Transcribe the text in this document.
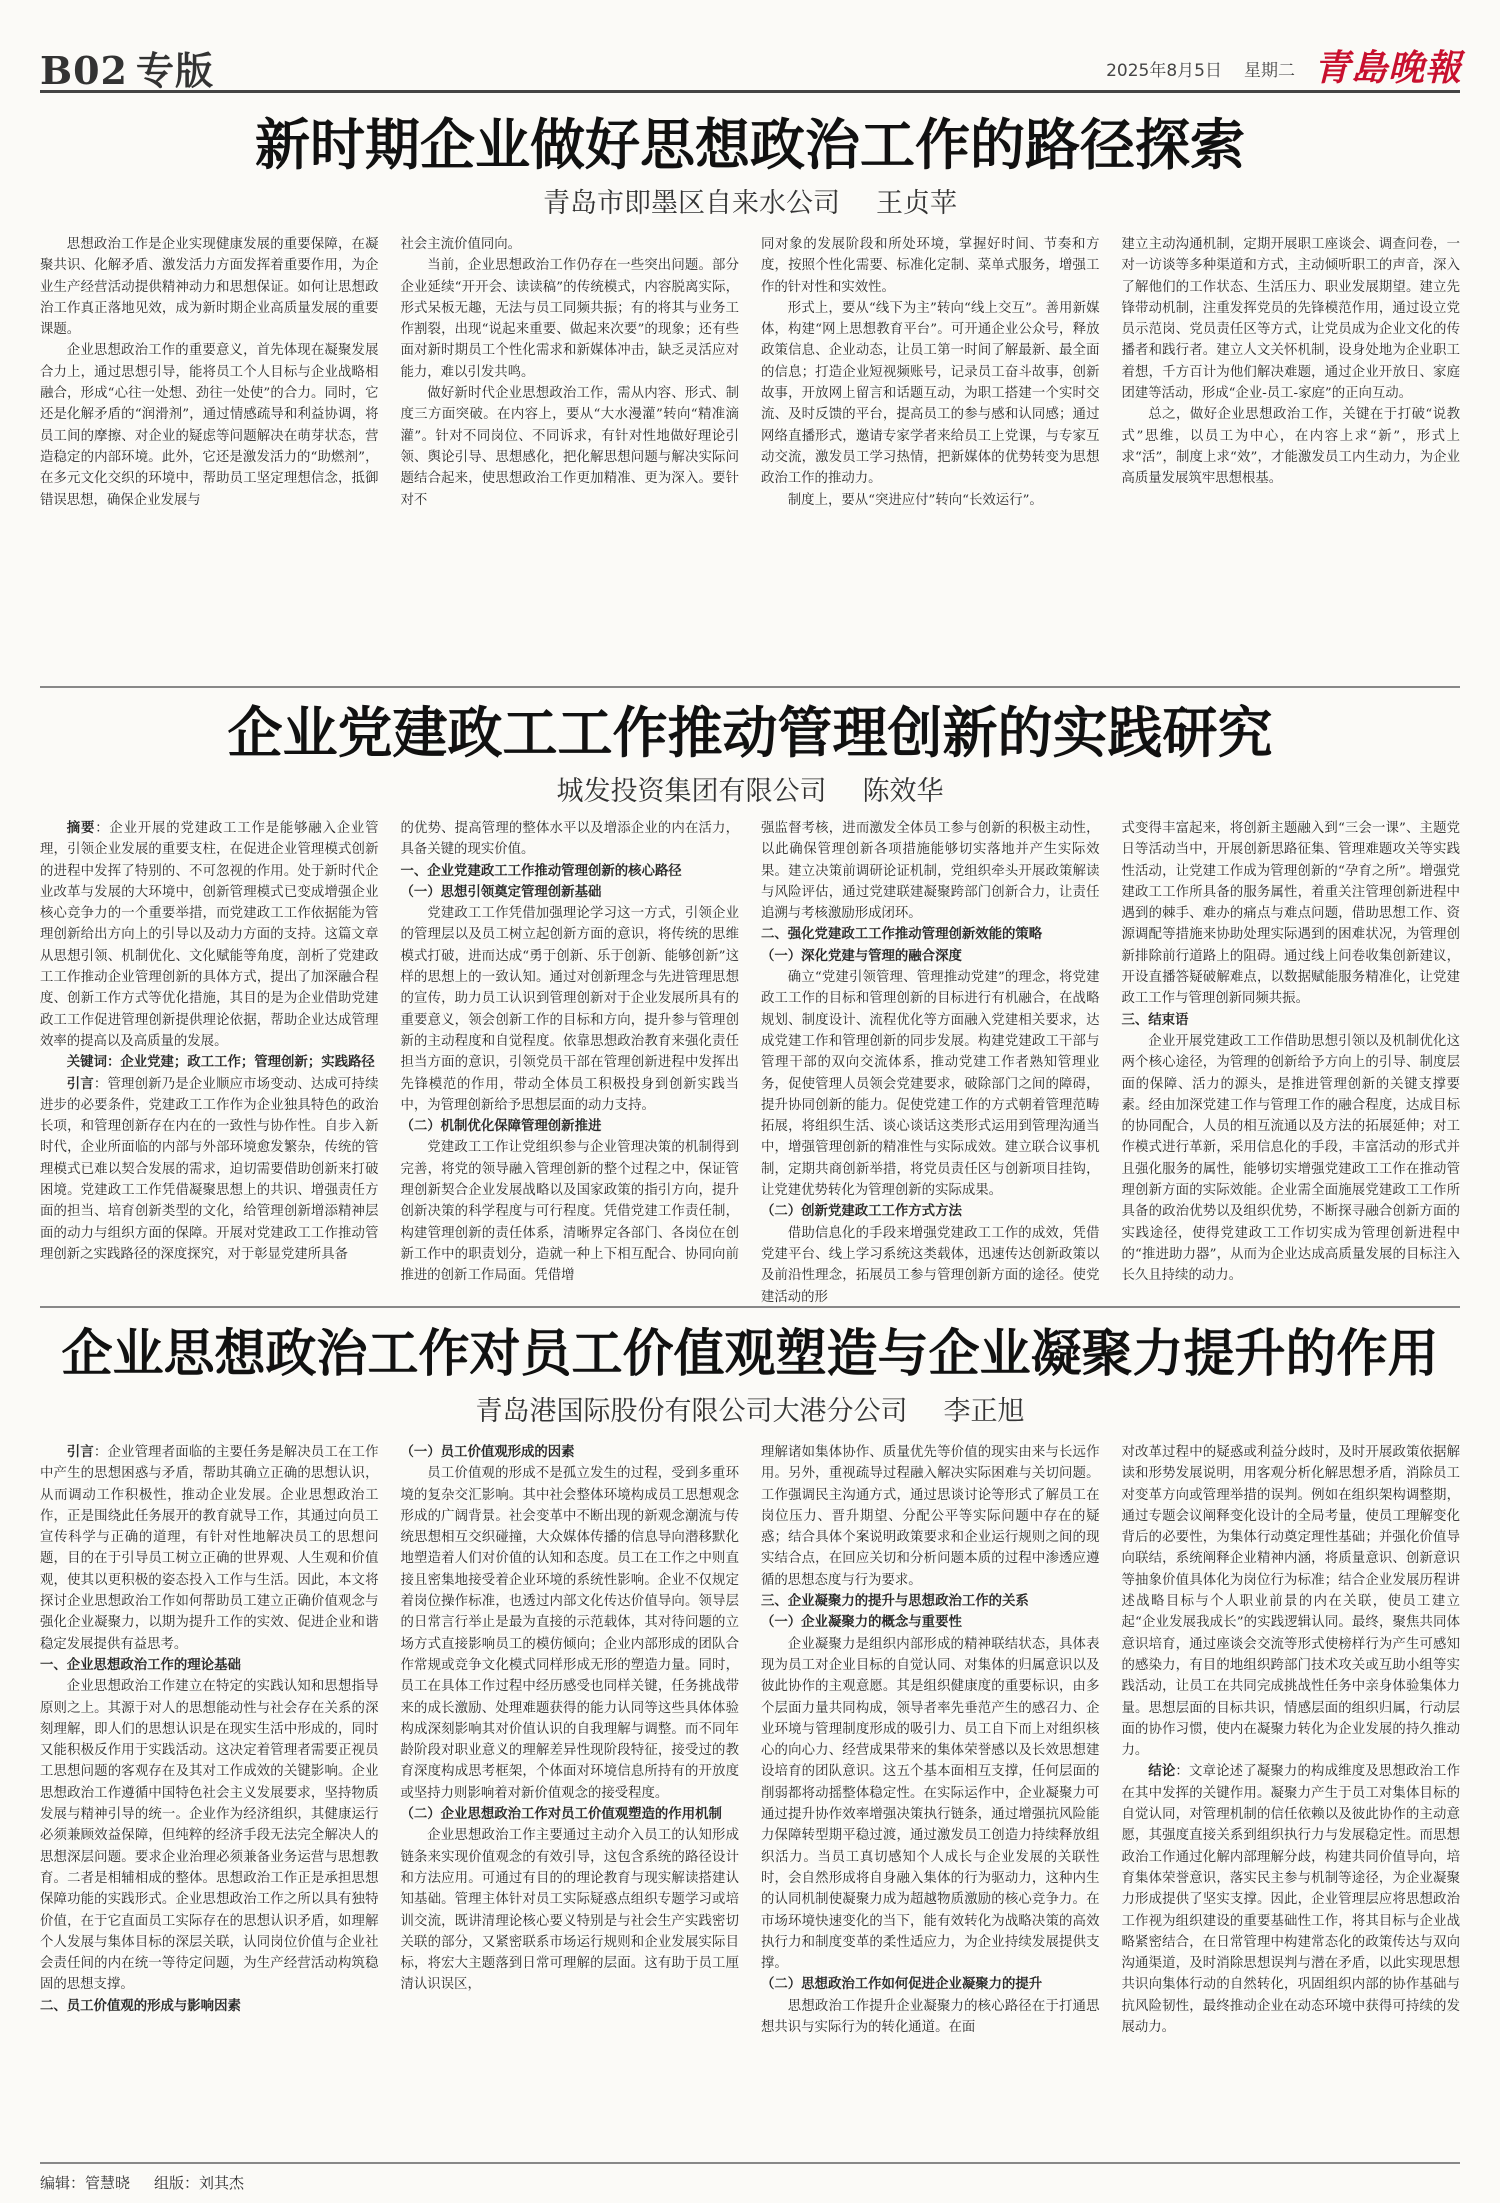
B02 专版	2025年8月5日 星期二 青島晚報
新时期企业做好思想政治工作的路径探索

青岛市即墨区自来水公司 王贞苹

思想政治工作是企业实现健康发展的重要保障，在凝聚共识、化解矛盾、激发活力方面发挥着重要作用，为企业生产经营活动提供精神动力和思想保证。如何让思想政治工作真正落地见效，成为新时期企业高质量发展的重要课题。

企业思想政治工作的重要意义，首先体现在凝聚发展合力上，通过思想引导，能将员工个人目标与企业战略相融合，形成“心往一处想、劲往一处使”的合力。同时，它还是化解矛盾的“润滑剂”，通过情感疏导和利益协调，将员工间的摩擦、对企业的疑虑等问题解决在萌芽状态，营造稳定的内部环境。此外，它还是激发活力的“助燃剂”，在多元文化交织的环境中，帮助员工坚定理想信念，抵御错误思想，确保企业发展与

社会主流价值同向。

当前，企业思想政治工作仍存在一些突出问题。部分企业延续“开开会、读读稿”的传统模式，内容脱离实际，形式呆板无趣，无法与员工同频共振；有的将其与业务工作割裂，出现“说起来重要、做起来次要”的现象；还有些面对新时期员工个性化需求和新媒体冲击，缺乏灵活应对能力，难以引发共鸣。

做好新时代企业思想政治工作，需从内容、形式、制度三方面突破。在内容上，要从“大水漫灌”转向“精准滴灌”。针对不同岗位、不同诉求，有针对性地做好理论引领、舆论引导、思想感化，把化解思想问题与解决实际问题结合起来，使思想政治工作更加精准、更为深入。要针对不

同对象的发展阶段和所处环境，掌握好时间、节奏和方度，按照个性化需要、标准化定制、菜单式服务，增强工作的针对性和实效性。

形式上，要从“线下为主”转向“线上交互”。善用新媒体，构建“网上思想教育平台”。可开通企业公众号，释放政策信息、企业动态，让员工第一时间了解最新、最全面的信息；打造企业短视频账号，记录员工奋斗故事，创新故事，开放网上留言和话题互动，为职工搭建一个实时交流、及时反馈的平台，提高员工的参与感和认同感；通过网络直播形式，邀请专家学者来给员工上党课，与专家互动交流，激发员工学习热情，把新媒体的优势转变为思想政治工作的推动力。

制度上，要从“突进应付”转向“长效运行”。

建立主动沟通机制，定期开展职工座谈会、调查问卷，一对一访谈等多种渠道和方式，主动倾听职工的声音，深入了解他们的工作状态、生活压力、职业发展期望。建立先锋带动机制，注重发挥党员的先锋模范作用，通过设立党员示范岗、党员责任区等方式，让党员成为企业文化的传播者和践行者。建立人文关怀机制，设身处地为企业职工着想，千方百计为他们解决难题，通过企业开放日、家庭团建等活动，形成“企业-员工-家庭”的正向互动。

总之，做好企业思想政治工作，关键在于打破“说教式”思维，以员工为中心，在内容上求“新”，形式上求“活”，制度上求“效”，才能激发员工内生动力，为企业高质量发展筑牢思想根基。

企业党建政工工作推动管理创新的实践研究

城发投资集团有限公司 陈效华

摘要：企业开展的党建政工工作是能够融入企业管理，引领企业发展的重要支柱，在促进企业管理模式创新的进程中发挥了特别的、不可忽视的作用。处于新时代企业改革与发展的大环境中，创新管理模式已变成增强企业核心竞争力的一个重要举措，而党建政工工作依据能为管理创新给出方向上的引导以及动力方面的支持。这篇文章从思想引领、机制优化、文化赋能等角度，剖析了党建政工工作推动企业管理创新的具体方式，提出了加深融合程度、创新工作方式等优化措施，其目的是为企业借助党建政工工作促进管理创新提供理论依据，帮助企业达成管理效率的提高以及高质量的发展。

关键词：企业党建；政工工作；管理创新；实践路径

引言：管理创新乃是企业顺应市场变动、达成可持续进步的必要条件，党建政工工作作为企业独具特色的政治长项，和管理创新存在内在的一致性与协作性。自步入新时代，企业所面临的内部与外部环境愈发繁杂，传统的管理模式已难以契合发展的需求，迫切需要借助创新来打破困境。党建政工工作凭借凝聚思想上的共识、增强责任方面的担当、培育创新类型的文化，给管理创新增添精神层面的动力与组织方面的保障。开展对党建政工工作推动管理创新之实践路径的深度探究，对于彰显党建所具备

的优势、提高管理的整体水平以及增添企业的内在活力，具备关键的现实价值。

一、企业党建政工工作推动管理创新的核心路径
（一）思想引领奠定管理创新基础

党建政工工作凭借加强理论学习这一方式，引领企业的管理层以及员工树立起创新方面的意识，将传统的思维模式打破，进而达成“勇于创新、乐于创新、能够创新”这样的思想上的一致认知。通过对创新理念与先进管理思想的宣传，助力员工认识到管理创新对于企业发展所具有的重要意义，领会创新工作的目标和方向，提升参与管理创新的主动程度和自觉程度。依靠思想政治教育来强化责任担当方面的意识，引领党员干部在管理创新进程中发挥出先锋模范的作用，带动全体员工积极投身到创新实践当中，为管理创新给予思想层面的动力支持。

（二）机制优化保障管理创新推进

党建政工工作让党组织参与企业管理决策的机制得到完善，将党的领导融入管理创新的整个过程之中，保证管理创新契合企业发展战略以及国家政策的指引方向，提升创新决策的科学程度与可行程度。凭借党建工作责任制，构建管理创新的责任体系，清晰界定各部门、各岗位在创新工作中的职责划分，造就一种上下相互配合、协同向前推进的创新工作局面。凭借增

强监督考核，进而激发全体员工参与创新的积极主动性，以此确保管理创新各项措施能够切实落地并产生实际效果。建立决策前调研论证机制，党组织牵头开展政策解读与风险评估，通过党建联建凝聚跨部门创新合力，让责任追溯与考核激励形成闭环。

二、强化党建政工工作推动管理创新效能的策略
（一）深化党建与管理的融合深度

确立“党建引领管理、管理推动党建”的理念，将党建政工工作的目标和管理创新的目标进行有机融合，在战略规划、制度设计、流程优化等方面融入党建相关要求，达成党建工作和管理创新的同步发展。构建党建政工干部与管理干部的双向交流体系，推动党建工作者熟知管理业务，促使管理人员领会党建要求，破除部门之间的障碍，提升协同创新的能力。促使党建工作的方式朝着管理范畴拓展，将组织生活、谈心谈话这类形式运用到管理沟通当中，增强管理创新的精准性与实际成效。建立联合议事机制，定期共商创新举措，将党员责任区与创新项目挂钩，让党建优势转化为管理创新的实际成果。

（二）创新党建政工工作方式方法

借助信息化的手段来增强党建政工工作的成效，凭借党建平台、线上学习系统这类载体，迅速传达创新政策以及前沿性理念，拓展员工参与管理创新方面的途径。使党建活动的形

式变得丰富起来，将创新主题融入到“三会一课”、主题党日等活动当中，开展创新思路征集、管理难题攻关等实践性活动，让党建工作成为管理创新的“孕育之所”。增强党建政工工作所具备的服务属性，着重关注管理创新进程中遇到的棘手、难办的痛点与难点问题，借助思想工作、资源调配等措施来协助处理实际遇到的困难状况，为管理创新排除前行道路上的阻碍。通过线上问卷收集创新建议，开设直播答疑破解难点，以数据赋能服务精准化，让党建政工工作与管理创新同频共振。

三、结束语

企业开展党建政工工作借助思想引领以及机制优化这两个核心途径，为管理的创新给予方向上的引导、制度层面的保障、活力的源头，是推进管理创新的关键支撑要素。经由加深党建工作与管理工作的融合程度，达成目标的协同配合，人员的相互流通以及方法的拓展延伸；对工作模式进行革新，采用信息化的手段，丰富活动的形式并且强化服务的属性，能够切实增强党建政工工作在推动管理创新方面的实际效能。企业需全面施展党建政工工作所具备的政治优势以及组织优势，不断探寻融合创新方面的实践途径，使得党建政工工作切实成为管理创新进程中的“推进助力器”，从而为企业达成高质量发展的目标注入长久且持续的动力。

企业思想政治工作对员工价值观塑造与企业凝聚力提升的作用

青岛港国际股份有限公司大港分公司 李正旭

引言：企业管理者面临的主要任务是解决员工在工作中产生的思想困惑与矛盾，帮助其确立正确的思想认识，从而调动工作积极性，推动企业发展。企业思想政治工作，正是围绕此任务展开的教育就导工作，其通过向员工宣传科学与正确的道理，有针对性地解决员工的思想问题，目的在于引导员工树立正确的世界观、人生观和价值观，使其以更积极的姿态投入工作与生活。因此，本文将探讨企业思想政治工作如何帮助员工建立正确价值观念与强化企业凝聚力，以期为提升工作的实效、促进企业和谐稳定发展提供有益思考。

一、企业思想政治工作的理论基础

企业思想政治工作建立在特定的实践认知和思想指导原则之上。其源于对人的思想能动性与社会存在关系的深刻理解，即人们的思想认识是在现实生活中形成的，同时又能积极反作用于实践活动。这决定着管理者需要正视员工思想问题的客观存在及其对工作成效的关键影响。企业思想政治工作遵循中国特色社会主义发展要求，坚持物质发展与精神引导的统一。企业作为经济组织，其健康运行必须兼顾效益保障，但纯粹的经济手段无法完全解决人的思想深层问题。要求企业治理必须兼备业务运营与思想教育。二者是相辅相成的整体。思想政治工作正是承担思想保障功能的实践形式。企业思想政治工作之所以具有独特价值，在于它直面员工实际存在的思想认识矛盾，如理解个人发展与集体目标的深层关联，认同岗位价值与企业社会责任间的内在统一等待定问题，为生产经营活动构筑稳固的思想支撑。

二、员工价值观的形成与影响因素
（一）员工价值观形成的因素

员工价值观的形成不是孤立发生的过程，受到多重环境的复杂交汇影响。其中社会整体环境构成员工思想观念形成的广阔背景。社会变革中不断出现的新观念潮流与传统思想相互交织碰撞，大众媒体传播的信息导向潜移默化地塑造着人们对价值的认知和态度。员工在工作之中则直接且密集地接受着企业环境的系统性影响。企业不仅规定着岗位操作标准，也透过内部文化传达价值导向。领导层的日常言行举止是最为直接的示范载体，其对待问题的立场方式直接影响员工的模仿倾向；企业内部形成的团队合作常规或竞争文化模式同样形成无形的塑造力量。同时，员工在具体工作过程中经历感受也同样关键，任务挑战带来的成长激励、处理难题获得的能力认同等这些具体体验构成深刻影响其对价值认识的自我理解与调整。而不同年龄阶段对职业意义的理解差异性现阶段特征，接受过的教育深度构成思考框架，个体面对环境信息所持有的开放度或坚持力则影响着对新价值观念的接受程度。

（二）企业思想政治工作对员工价值观塑造的作用机制

企业思想政治工作主要通过主动介入员工的认知形成链条来实现价值观念的有效引导，这包含系统的路径设计和方法应用。可通过有目的的理论教育与现实解读搭建认知基础。管理主体针对员工实际疑惑点组织专题学习或培训交流，既讲清理论核心要义特别是与社会生产实践密切关联的部分，又紧密联系市场运行规则和企业发展实际目标，将宏大主题落到日常可理解的层面。这有助于员工厘清认识误区，

理解诸如集体协作、质量优先等价值的现实由来与长远作用。另外，重视疏导过程融入解决实际困难与关切问题。工作强调民主沟通方式，通过思谈讨论等形式了解员工在岗位压力、晋升期望、分配公平等实际问题中存在的疑惑；结合具体个案说明政策要求和企业运行规则之间的现实结合点，在回应关切和分析问题本质的过程中渗透应遵循的思想态度与行为要求。

三、企业凝聚力的提升与思想政治工作的关系
（一）企业凝聚力的概念与重要性

企业凝聚力是组织内部形成的精神联结状态，具体表现为员工对企业目标的自觉认同、对集体的归属意识以及彼此协作的主观意愿。其是组织健康度的重要标识，由多个层面力量共同构成，领导者率先垂范产生的感召力、企业环境与管理制度形成的吸引力、员工自下而上对组织核心的向心力、经营成果带来的集体荣誉感以及长效思想建设培育的团队意识。这五个基本面相互支撑，任何层面的削弱都将动摇整体稳定性。在实际运作中，企业凝聚力可通过提升协作效率增强决策执行链条，通过增强抗风险能力保障转型期平稳过渡，通过激发员工创造力持续释放组织活力。当员工真切感知个人成长与企业发展的关联性时，会自然形成将自身融入集体的行为驱动力，这种内生的认同机制使凝聚力成为超越物质激励的核心竞争力。在市场环境快速变化的当下，能有效转化为战略决策的高效执行力和制度变革的柔性适应力，为企业持续发展提供支撑。

（二）思想政治工作如何促进企业凝聚力的提升

思想政治工作提升企业凝聚力的核心路径在于打通思想共识与实际行为的转化通道。在面

对改革过程中的疑惑或利益分歧时，及时开展政策依据解读和形势发展说明，用客观分析化解思想矛盾，消除员工对变革方向或管理举措的误判。例如在组织架构调整期，通过专题会议阐释变化设计的全局考量，使员工理解变化背后的必要性，为集体行动奠定理性基础；并强化价值导向联结，系统阐释企业精神内涵，将质量意识、创新意识等抽象价值具体化为岗位行为标准；结合企业发展历程讲述战略目标与个人职业前景的内在关联，使员工建立起“企业发展我成长”的实践逻辑认同。最终，聚焦共同体意识培育，通过座谈会交流等形式使榜样行为产生可感知的感染力，有目的地组织跨部门技术攻关或互助小组等实践活动，让员工在共同完成挑战性任务中亲身体验集体力量。思想层面的目标共识，情感层面的组织归属，行动层面的协作习惯，使内在凝聚力转化为企业发展的持久推动力。

结论：文章论述了凝聚力的构成维度及思想政治工作在其中发挥的关键作用。凝聚力产生于员工对集体目标的自觉认同，对管理机制的信任依赖以及彼此协作的主动意愿，其强度直接关系到组织执行力与发展稳定性。而思想政治工作通过化解内部理解分歧，构建共同价值导向，培育集体荣誉意识，落实民主参与机制等途径，为企业凝聚力形成提供了坚实支撑。因此，企业管理层应将思想政治工作视为组织建设的重要基础性工作，将其目标与企业战略紧密结合，在日常管理中构建常态化的政策传达与双向沟通渠道，及时消除思想误判与潜在矛盾，以此实现思想共识向集体行动的自然转化，巩固组织内部的协作基础与抗风险韧性，最终推动企业在动态环境中获得可持续的发展动力。

编辑：管慧晓 组版：刘其杰
